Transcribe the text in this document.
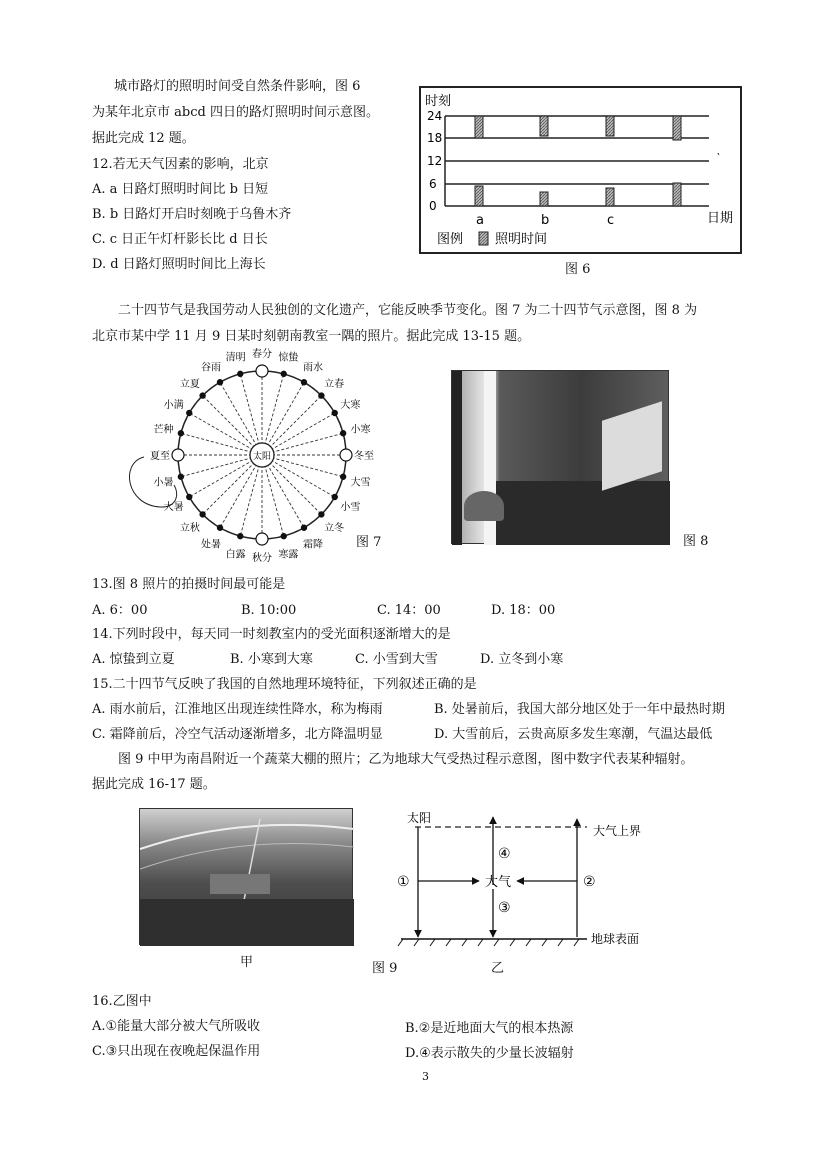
城市路灯的照明时间受自然条件影响，图 6
为某年北京市 abcd 四日的路灯照明时间示意图。
据此完成 12 题。
12.若无天气因素的影响，北京
A. a 日路灯照明时间比 b 日短
B. b 日路灯开启时刻晚于乌鲁木齐
C. c 日正午灯杆影长比 d 日长
D. d 日路灯照明时间比上海长
时刻
24
18
12
6
0
a	b	c	日期
‵
图例 照明时间
图 6
二十四节气是我国劳动人民独创的文化遗产，它能反映季节变化。图 7 为二十四节气示意图，图 8 为
北京市某中学 11 月 9 日某时刻朝南教室一隅的照片。据此完成 13-15 题。
太阳
春分
清明
谷雨
立夏
小满
芒种
夏至
小暑
大暑
立秋
处暑
白露 秋分 寒露
霜降
立冬
小雪
大雪
冬至
小寒
大寒
立春
雨水
惊蛰
图 7	图 8
13.图 8 照片的拍摄时间最可能是
A. 6：00	B. 10:00	C. 14：00	D. 18：00
14.下列时段中，每天同一时刻教室内的受光面积逐渐增大的是
A. 惊蛰到立夏	B. 小寒到大寒	C. 小雪到大雪	D. 立冬到小寒
15.二十四节气反映了我国的自然地理环境特征，下列叙述正确的是
A. 雨水前后，江淮地区出现连续性降水，称为梅雨	B. 处暑前后，我国大部分地区处于一年中最热时期
C. 霜降前后，冷空气活动逐渐增多，北方降温明显	D. 大雪前后，云贵高原多发生寒潮，气温达最低
图 9 中甲为南昌附近一个蔬菜大棚的照片；乙为地球大气受热过程示意图，图中数字代表某种辐射。
据此完成 16-17 题。
甲
太阳
大气上界
①	②
③
④
大气
地球表面
图 9	乙
16.乙图中
A.①能量大部分被大气所吸收	B.②是近地面大气的根本热源
C.③只出现在夜晚起保温作用	D.④表示散失的少量长波辐射
3
